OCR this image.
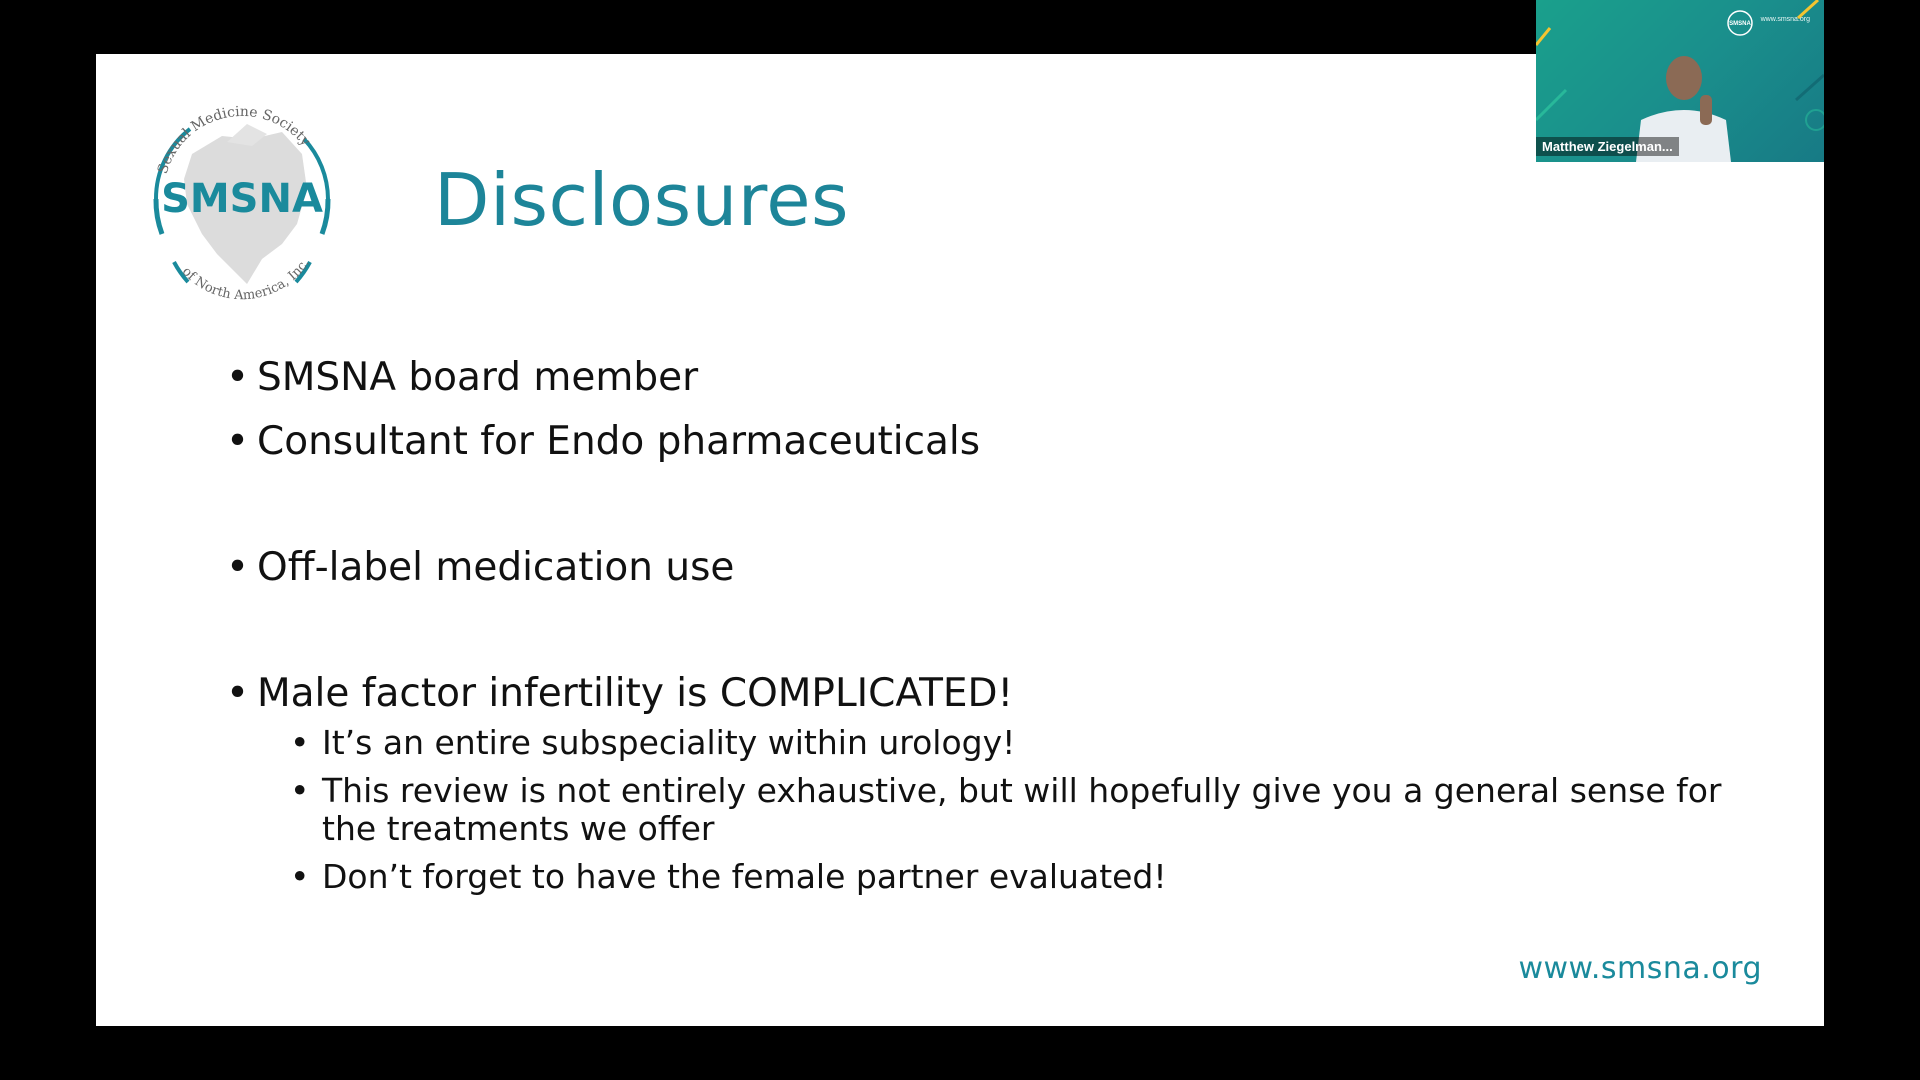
Sexual Medicine Society
of North America, Inc.
SMSNA Disclosures

• SMSNA board member

• Consultant for Endo pharmaceuticals

• Off-label medication use

• Male factor infertility is COMPLICATED!

• It’s an entire subspeciality within urology!

• This review is not entirely exhaustive, but will hopefully give you a general sense for the treatments we offer

• Don’t forget to have the female partner evaluated!

www.smsna.org
SMSNA
www.smsna.org
Matthew Ziegelman...
